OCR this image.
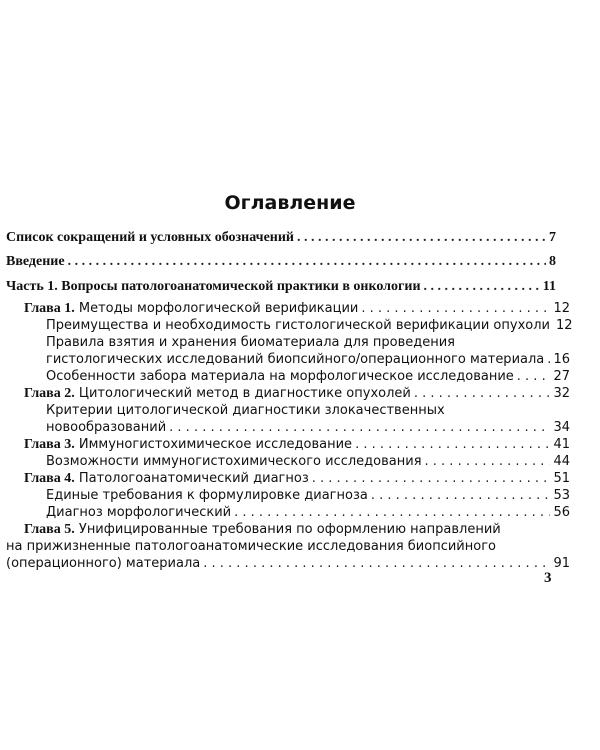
Оглавление
Список сокращений и условных обозначений . . .	7
Введение . . .	8
Часть 1. Вопросы патологоанатомической практики в онкологии . . .	11
Глава 1. Методы морфологической верификации . . .	12
Преимущества и необходимость гистологической верификации опухоли 12
Правила взятия и хранения биоматериала для проведения
гистологических исследований биопсийного/операционного материала . . . 16
Особенности забора материала на морфологическое исследование . . .	27
Глава 2. Цитологический метод в диагностике опухолей . . .	32
Критерии цитологической диагностики злокачественных
новообразований . . .	34
Глава 3. Иммуногистохимическое исследование . . .	41
Возможности иммуногистохимического исследования . . .	44
Глава 4. Патологоанатомический диагноз . . .	51
Единые требования к формулировке диагноза . . .	53
Диагноз морфологический . . .	56
Глава 5. Унифицированные требования по оформлению направлений
на прижизненные патологоанатомические исследования биопсийного
(операционного) материала . . .	91
3
